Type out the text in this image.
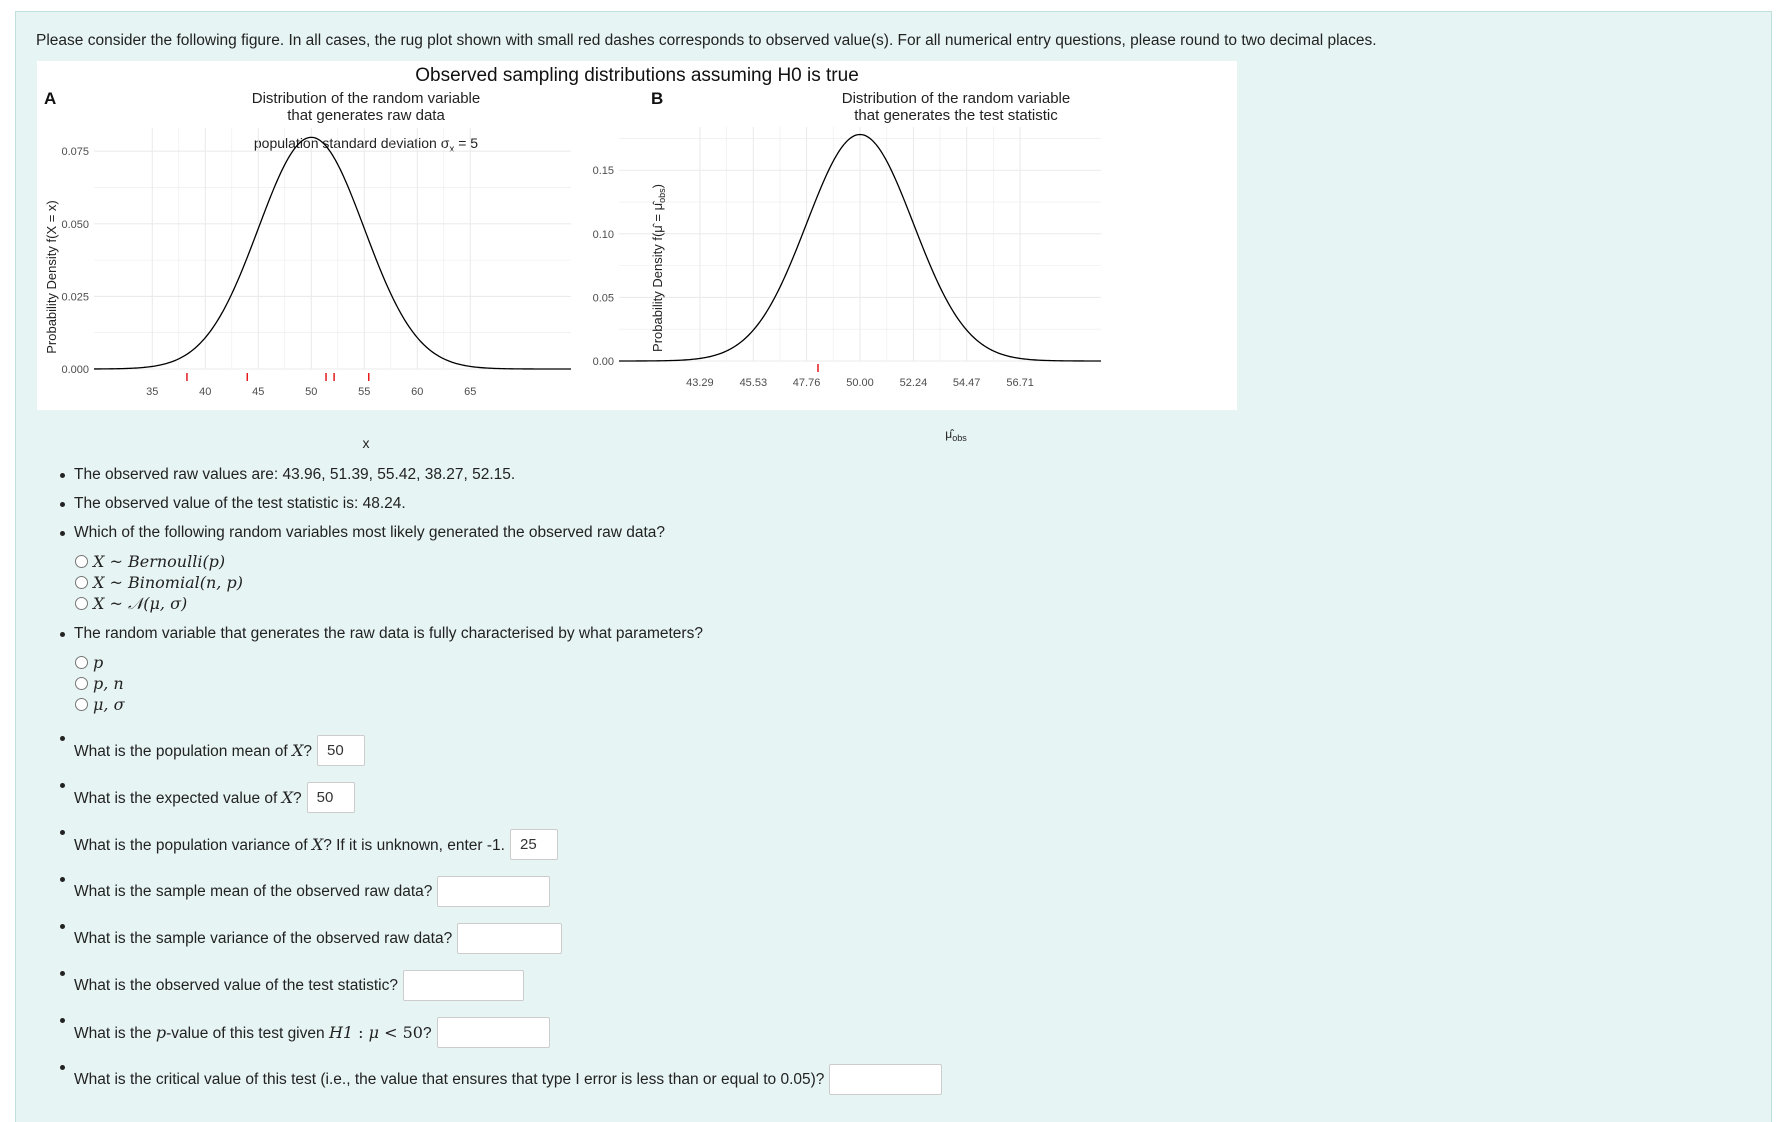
Please consider the following figure. In all cases, the rug plot shown with small red dashes corresponds to observed value(s). For all numerical entry questions, please round to two decimal places.
Observed sampling distributions assuming H0 is true
A	Distribution of the random variable
that generates raw data
population standard deviation $\sigma_x = 5$
35	40	45	50	55	60	65
0.000
0.025
0.050
0.075
x
Probability Density f(X = x)
B	Distribution of the random variable
that generates the test statistic
43.29 45.53 47.76 50.00 52.24 54.47 56.71
0.00
0.05
0.10
0.15
$\mû_{obs}$
Probability Density f(μ̂ = $\mû_{obs}$)
The observed raw values are: 43.96, 51.39, 55.42, 38.27, 52.15.
The observed value of the test statistic is: 48.24.
Which of the following random variables most likely generated the observed raw data?
X ~ Bernoulli(p)
X ~ Binomial(n, p)
X ~ 𝒩(μ, σ)
The random variable that generates the raw data is fully characterised by what parameters?
p
p, n
μ, σ
What is the population mean of X?
50
What is the expected value of X?
50
What is the population variance of X? If it is unknown, enter -1.
25
What is the sample mean of the observed raw data?
What is the sample variance of the observed raw data?
What is the observed value of the test statistic?
What is the p-value of this test given H1 : μ < 50?
What is the critical value of this test (i.e., the value that ensures that type I error is less than or equal to 0.05)?
